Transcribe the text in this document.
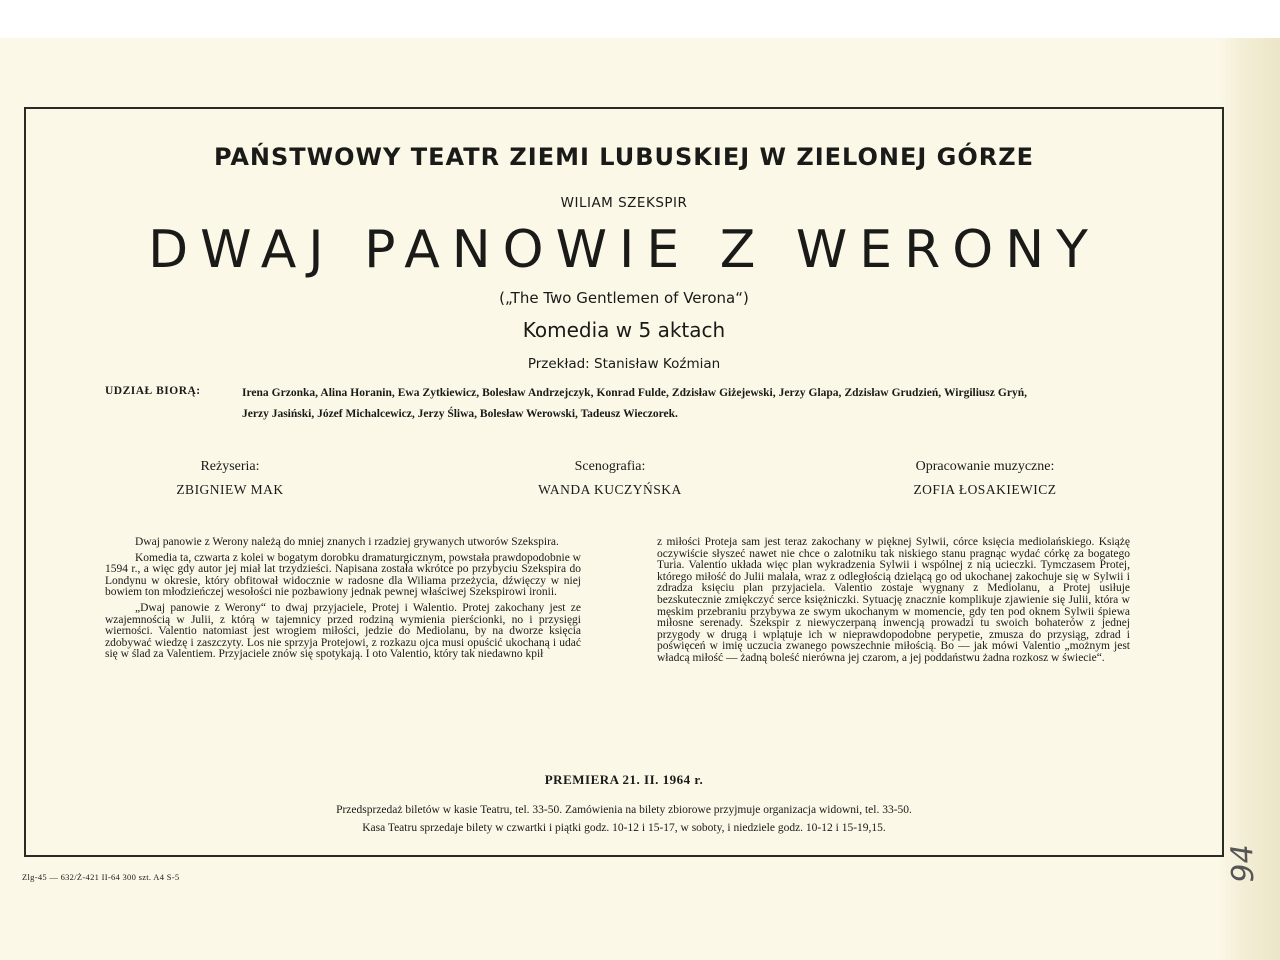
PAŃSTWOWY TEATR ZIEMI LUBUSKIEJ W ZIELONEJ GÓRZE
WILIAM SZEKSPIR
DWAJ PANOWIE Z WERONY
(„The Two Gentlemen of Verona“)
Komedia w 5 aktach
Przekład: Stanisław Koźmian
UDZIAŁ BIORĄ:	Irena Grzonka, Alina Horanin, Ewa Zytkiewicz, Bolesław Andrzejczyk, Konrad Fulde, Zdzisław Giżejewski, Jerzy Glapa, Zdzisław Grudzień, Wirgiliusz Gryń, Jerzy Jasiński, Józef Michalcewicz, Jerzy Śliwa, Bolesław Werowski, Tadeusz Wieczorek.
Reżyseria:
ZBIGNIEW MAK
Scenografia:
WANDA KUCZYŃSKA
Opracowanie muzyczne:
ZOFIA ŁOSAKIEWICZ

Dwaj panowie z Werony należą do mniej znanych i rzadziej grywanych utworów Szekspira.

Komedia ta, czwarta z kolei w bogatym dorobku dramaturgicznym, powstała prawdopodobnie w 1594 r., a więc gdy autor jej miał lat trzydzieści. Napisana została wkrótce po przybyciu Szekspira do Londynu w okresie, który obfitował widocznie w radosne dla Wiliama przeżycia, dźwięczy w niej bowiem ton młodzieńczej wesołości nie pozbawiony jednak pewnej właściwej Szekspirowi ironii.

„Dwaj panowie z Werony“ to dwaj przyjaciele, Protej i Walentio. Protej zakochany jest ze wzajemnością w Julii, z którą w tajemnicy przed rodziną wymienia pierścionki, no i przysięgi wierności. Valentio natomiast jest wrogiem miłości, jedzie do Mediolanu, by na dworze księcia zdobywać wiedzę i zaszczyty. Los nie sprzyja Protejowi, z rozkazu ojca musi opuścić ukochaną i udać się w ślad za Valentiem. Przyjaciele znów się spotykają. I oto Valentio, który tak niedawno kpił

z miłości Proteja sam jest teraz zakochany w pięknej Sylwii, córce księcia mediolańskiego. Książę oczywiście słyszeć nawet nie chce o zalotniku tak niskiego stanu pragnąc wydać córkę za bogatego Turia. Valentio układa więc plan wykradzenia Sylwii i wspólnej z nią ucieczki. Tymczasem Protej, którego miłość do Julii malała, wraz z odległością dzielącą go od ukochanej zakochuje się w Sylwii i zdradza księciu plan przyjaciela. Valentio zostaje wygnany z Mediolanu, a Protej usiłuje bezskutecznie zmiękczyć serce księżniczki. Sytuację znacznie komplikuje zjawienie się Julii, która w męskim przebraniu przybywa ze swym ukochanym w momencie, gdy ten pod oknem Sylwii śpiewa miłosne serenady. Szekspir z niewyczerpaną inwencją prowadzi tu swoich bohaterów z jednej przygody w drugą i wplątuje ich w nieprawdopodobne perypetie, zmusza do przysiąg, zdrad i poświęceń w imię uczucia zwanego powszechnie miłością. Bo — jak mówi Valentio „możnym jest władcą miłość — żadną boleść nierówna jej czarom, a jej poddaństwu żadna rozkosz w świecie“.

PREMIERA 21. II. 1964 r.
Przedsprzedaż biletów w kasie Teatru, tel. 33-50. Zamówienia na bilety zbiorowe przyjmuje organizacja widowni, tel. 33-50.
Kasa Teatru sprzedaje bilety w czwartki i piątki godz. 10-12 i 15-17, w soboty, i niedziele godz. 10-12 i 15-19,15.
Zlg-45 — 632/Ż-421 II-64 300 szt. A4 S-5	94
